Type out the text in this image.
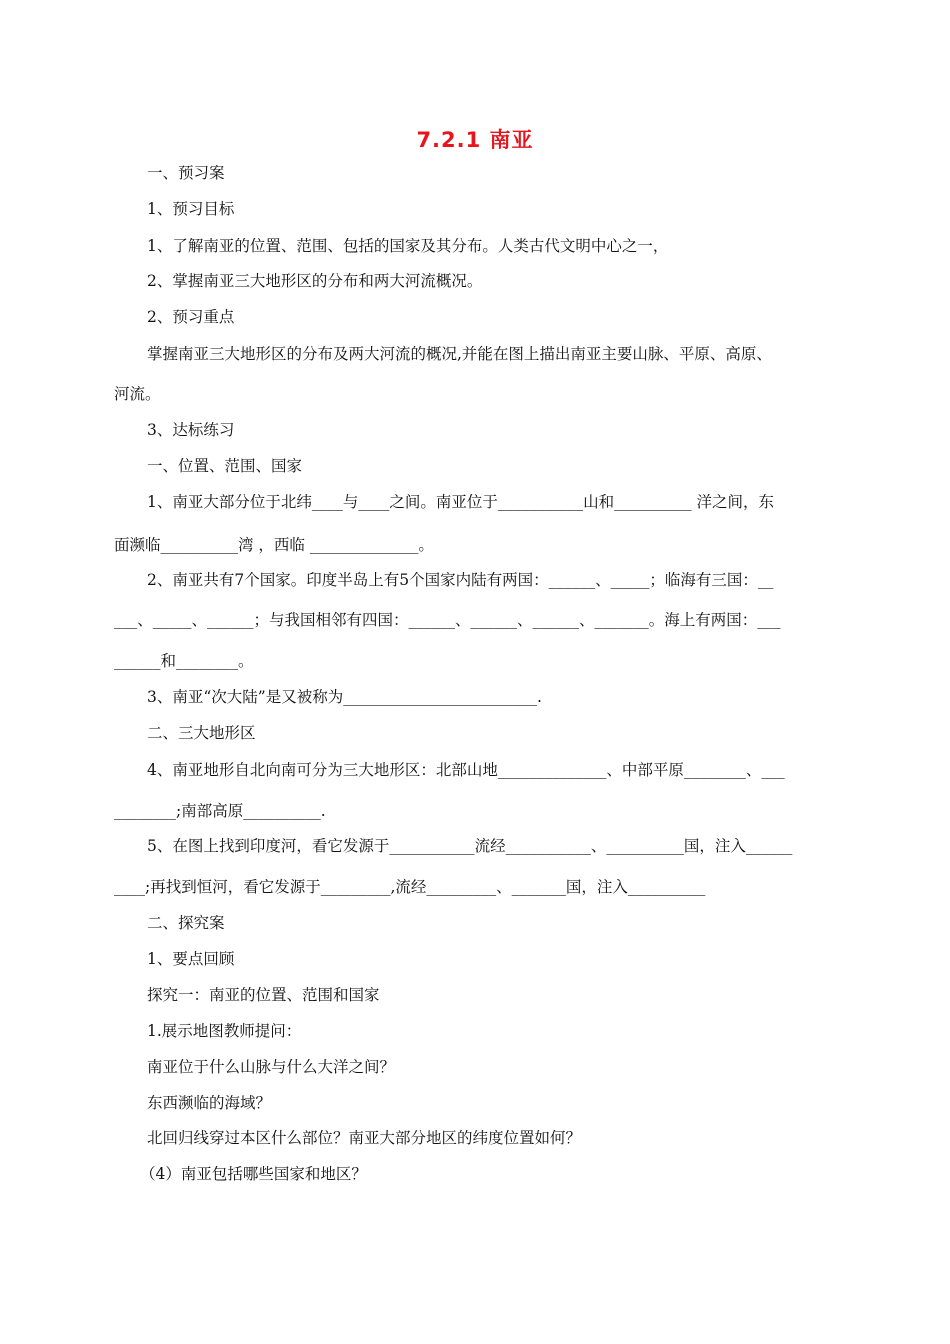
7.2.1 南亚
一、预习案
1、预习目标
1、了解南亚的位置、范围、包括的国家及其分布。人类古代文明中心之一，
2、掌握南亚三大地形区的分布和两大河流概况。
2、预习重点
掌握南亚三大地形区的分布及两大河流的概况,并能在图上描出南亚主要山脉、平原、高原、
河流。
3、达标练习
一、位置、范围、国家
1、南亚大部分位于北纬____与____之间。南亚位于___________山和__________ 洋之间，东
面濒临__________湾 ，西临 ______________。
2、南亚共有7个国家。印度半岛上有5个国家内陆有两国：______、_____；临海有三国：__
___、_____、______；与我国相邻有四国：______、______、______、_______。海上有两国：___
______和________。
3、南亚“次大陆”是又被称为_________________________.
二、三大地形区
4、南亚地形自北向南可分为三大地形区：北部山地______________、中部平原________、___
________;南部高原__________.
5、在图上找到印度河，看它发源于___________流经___________、__________国，注入______
____;再找到恒河，看它发源于_________,流经_________、_______国，注入__________
二、探究案
1、要点回顾
探究一：南亚的位置、范围和国家
1.展示地图教师提问：
南亚位于什么山脉与什么大洋之间？
东西濒临的海域？
北回归线穿过本区什么部位？南亚大部分地区的纬度位置如何？
（4）南亚包括哪些国家和地区？
